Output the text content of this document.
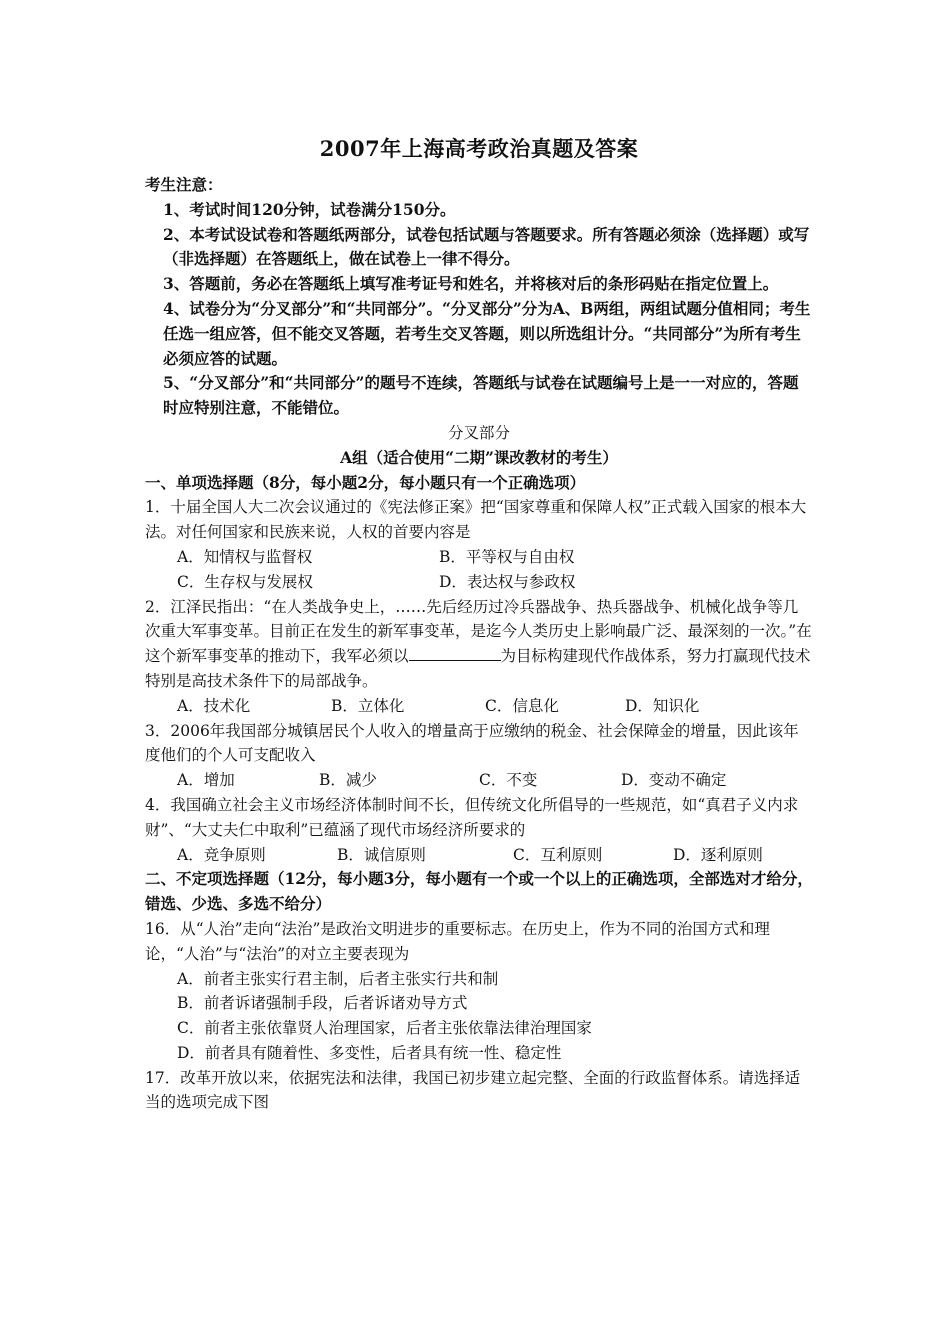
2007年上海高考政治真题及答案

考生注意：

1、考试时间120分钟，试卷满分150分。

2、本考试设试卷和答题纸两部分，试卷包括试题与答题要求。所有答题必须涂（选择题）或写（非选择题）在答题纸上，做在试卷上一律不得分。

3、答题前，务必在答题纸上填写准考证号和姓名，并将核对后的条形码贴在指定位置上。

4、试卷分为“分叉部分”和“共同部分”。“分叉部分”分为A、B两组，两组试题分值相同；考生任选一组应答，但不能交叉答题，若考生交叉答题，则以所选组计分。“共同部分”为所有考生必须应答的试题。

5、“分叉部分”和“共同部分”的题号不连续，答题纸与试卷在试题编号上是一一对应的，答题时应特别注意，不能错位。

分叉部分

A组（适合使用“二期”课改教材的考生）

一、单项选择题（8分，每小题2分，每小题只有一个正确选项）

1．十届全国人大二次会议通过的《宪法修正案》把“国家尊重和保障人权”正式载入国家的根本大法。对任何国家和民族来说，人权的首要内容是

A．知情权与监督权	B．平等权与自由权
C．生存权与发展权	D．表达权与参政权

2．江泽民指出：“在人类战争史上，……先后经历过冷兵器战争、热兵器战争、机械化战争等几次重大军事变革。目前正在发生的新军事变革，是迄今人类历史上影响最广泛、最深刻的一次。”在这个新军事变革的推动下，我军必须以	为目标构建现代作战体系，努力打赢现代技术特别是高技术条件下的局部战争。

A．技术化	B．立体化	C．信息化	D．知识化

3．2006年我国部分城镇居民个人收入的增量高于应缴纳的税金、社会保障金的增量，因此该年度他们的个人可支配收入

A．增加	B．减少	C．不变	D．变动不确定

4．我国确立社会主义市场经济体制时间不长，但传统文化所倡导的一些规范，如“真君子义内求财”、“大丈夫仁中取利”已蕴涵了现代市场经济所要求的

A．竞争原则	B．诚信原则	C．互利原则	D．逐利原则

二、不定项选择题（12分，每小题3分，每小题有一个或一个以上的正确选项，全部选对才给分，错选、少选、多选不给分）

16．从“人治”走向“法治”是政治文明进步的重要标志。在历史上，作为不同的治国方式和理论，“人治”与“法治”的对立主要表现为

A．前者主张实行君主制，后者主张实行共和制
B．前者诉诸强制手段，后者诉诸劝导方式
C．前者主张依靠贤人治理国家，后者主张依靠法律治理国家
D．前者具有随着性、多变性，后者具有统一性、稳定性

17．改革开放以来，依据宪法和法律，我国已初步建立起完整、全面的行政监督体系。请选择适当的选项完成下图
